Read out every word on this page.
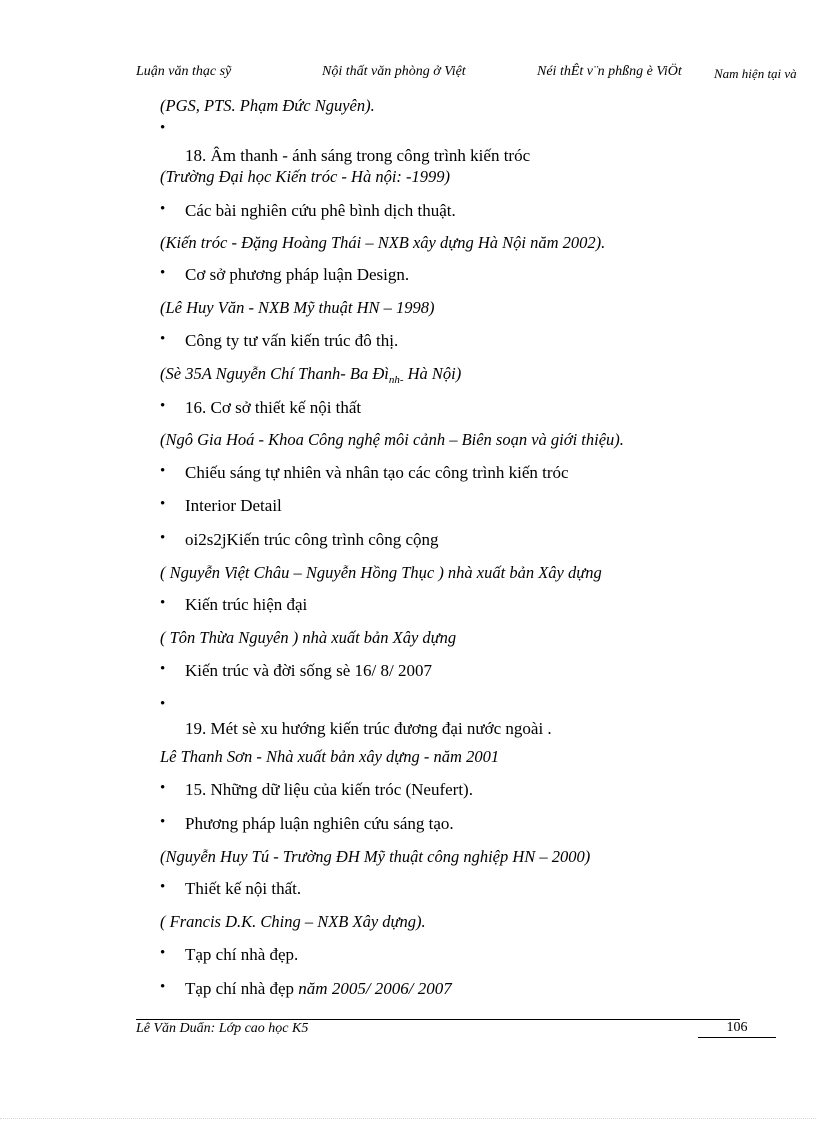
Luận văn thạc sỹ	Nội thất văn phòng ở Việt	Néi thÊt v¨n phßng è ViÖt Nam hiện tại và
(PGS, PTS. Phạm Đức Nguyên).
•
18. Âm thanh - ánh sáng trong công trình kiến tróc
(Trường Đại học Kiến tróc - Hà nội: -1999)
• Các bài nghiên cứu phê bình dịch thuật.
(Kiến tróc - Đặng Hoàng Thái – NXB xây dựng Hà Nội năm 2002).
• Cơ sở phương pháp luận Design.
(Lê Huy Văn - NXB Mỹ thuật HN – 1998)
• Công ty tư vấn kiến trúc đô thị.
(Sè 35A Nguyễn Chí Thanh- Ba $Đì_{nh-}$ Hà Nội)
• 16. Cơ sở thiết kế nội thất
(Ngô Gia Hoá - Khoa Công nghệ môi cảnh – Biên soạn và giới thiệu).
• Chiếu sáng tự nhiên và nhân tạo các công trình kiến tróc
• Interior Detail
• oi2s2jKiến trúc công trình công cộng
( Nguyễn Việt Châu – Nguyễn Hồng Thục ) nhà xuất bản Xây dựng
• Kiến trúc hiện đại
( Tôn Thừa Nguyên ) nhà xuất bản Xây dựng
• Kiến trúc và đời sống sè 16/ 8/ 2007
•
19. Mét sè xu hướng kiến trúc đương đại nước ngoài .
Lê Thanh Sơn - Nhà xuất bản xây dựng - năm 2001
• 15. Những dữ liệu của kiến tróc (Neufert).
• Phương pháp luận nghiên cứu sáng tạo.
(Nguyễn Huy Tú - Trường ĐH Mỹ thuật công nghiệp HN – 2000)
• Thiết kế nội thất.
( Francis D.K. Ching – NXB Xây dựng).
• Tạp chí nhà đẹp.
• Tạp chí nhà đẹp năm 2005/ 2006/ 2007
Lê Văn Duẩn: Lớp cao học K5	106
